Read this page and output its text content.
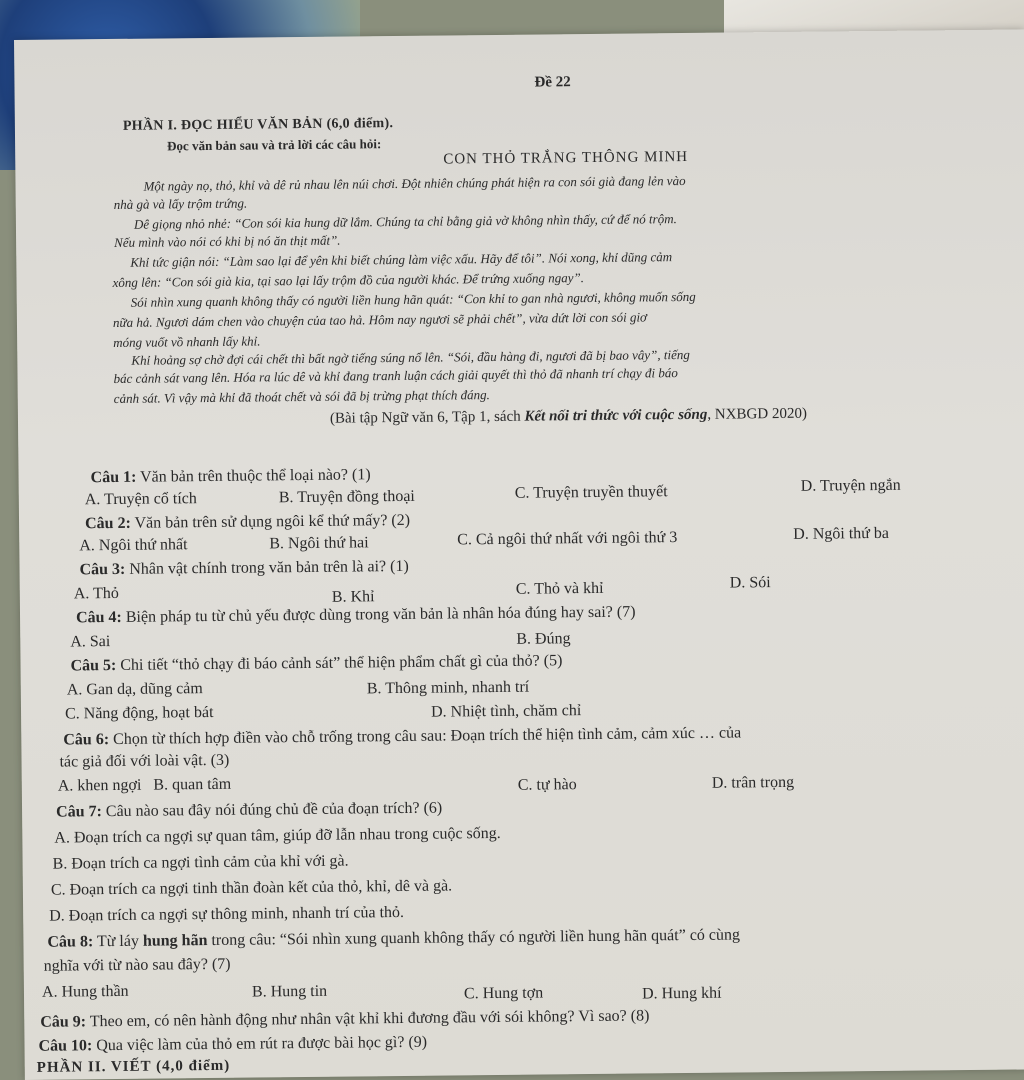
Đề 22
PHẦN I. ĐỌC HIỂU VĂN BẢN (6,0 điểm).
Đọc văn bản sau và trả lời các câu hỏi:
CON THỎ TRẮNG THÔNG MINH
Một ngày nọ, thỏ, khỉ và dê rủ nhau lên núi chơi. Đột nhiên chúng phát hiện ra con sói già đang lẻn vào
nhà gà và lấy trộm trứng.
Dê giọng nhỏ nhẻ: “Con sói kia hung dữ lắm. Chúng ta chỉ bằng giả vờ không nhìn thấy, cứ để nó trộm.
Nếu mình vào nói có khi bị nó ăn thịt mất”.
Khỉ tức giận nói: “Làm sao lại để yên khi biết chúng làm việc xấu. Hãy để tôi”. Nói xong, khỉ dũng cảm
xông lên: “Con sói già kia, tại sao lại lấy trộm đồ của người khác. Để trứng xuống ngay”.
Sói nhìn xung quanh không thấy có người liền hung hãn quát: “Con khỉ to gan nhà ngươi, không muốn sống
nữa hả. Ngươi dám chen vào chuyện của tao hả. Hôm nay ngươi sẽ phải chết”, vừa dứt lời con sói giơ
móng vuốt vồ nhanh lấy khỉ.
Khỉ hoảng sợ chờ đợi cái chết thì bất ngờ tiếng súng nổ lên. “Sói, đầu hàng đi, ngươi đã bị bao vây”, tiếng
bác cảnh sát vang lên. Hóa ra lúc dê và khỉ đang tranh luận cách giải quyết thì thỏ đã nhanh trí chạy đi báo
cảnh sát. Vì vậy mà khỉ đã thoát chết và sói đã bị trừng phạt thích đáng.
(Bài tập Ngữ văn 6, Tập 1, sách Kết nối tri thức với cuộc sống, NXBGD 2020)
Câu 1: Văn bản trên thuộc thể loại nào? (1)
A. Truyện cổ tích	B. Truyện đồng thoại	C. Truyện truyền thuyết	D. Truyện ngắn
Câu 2: Văn bản trên sử dụng ngôi kể thứ mấy? (2)
A. Ngôi thứ nhất	B. Ngôi thứ hai	C. Cả ngôi thứ nhất với ngôi thứ 3	D. Ngôi thứ ba
Câu 3: Nhân vật chính trong văn bản trên là ai? (1)
A. Thỏ	B. Khỉ	C. Thỏ và khỉ	D. Sói
Câu 4: Biện pháp tu từ chủ yếu được dùng trong văn bản là nhân hóa đúng hay sai? (7)
A. Sai	B. Đúng
Câu 5: Chi tiết “thỏ chạy đi báo cảnh sát” thể hiện phẩm chất gì của thỏ? (5)
A. Gan dạ, dũng cảm	B. Thông minh, nhanh trí
C. Năng động, hoạt bát	D. Nhiệt tình, chăm chỉ
Câu 6: Chọn từ thích hợp điền vào chỗ trống trong câu sau: Đoạn trích thể hiện tình cảm, cảm xúc … của
tác giả đối với loài vật. (3)
A. khen ngợi B. quan tâm	C. tự hào	D. trân trọng
Câu 7: Câu nào sau đây nói đúng chủ đề của đoạn trích? (6)
A. Đoạn trích ca ngợi sự quan tâm, giúp đỡ lẫn nhau trong cuộc sống.
B. Đoạn trích ca ngợi tình cảm của khỉ với gà.
C. Đoạn trích ca ngợi tinh thần đoàn kết của thỏ, khỉ, dê và gà.
D. Đoạn trích ca ngợi sự thông minh, nhanh trí của thỏ.
Câu 8: Từ láy hung hãn trong câu: “Sói nhìn xung quanh không thấy có người liền hung hãn quát” có cùng
nghĩa với từ nào sau đây? (7)
A. Hung thần	B. Hung tin	C. Hung tợn	D. Hung khí
Câu 9: Theo em, có nên hành động như nhân vật khỉ khi đương đầu với sói không? Vì sao? (8)
Câu 10: Qua việc làm của thỏ em rút ra được bài học gì? (9)
PHẦN II. VIẾT (4,0 điểm)
